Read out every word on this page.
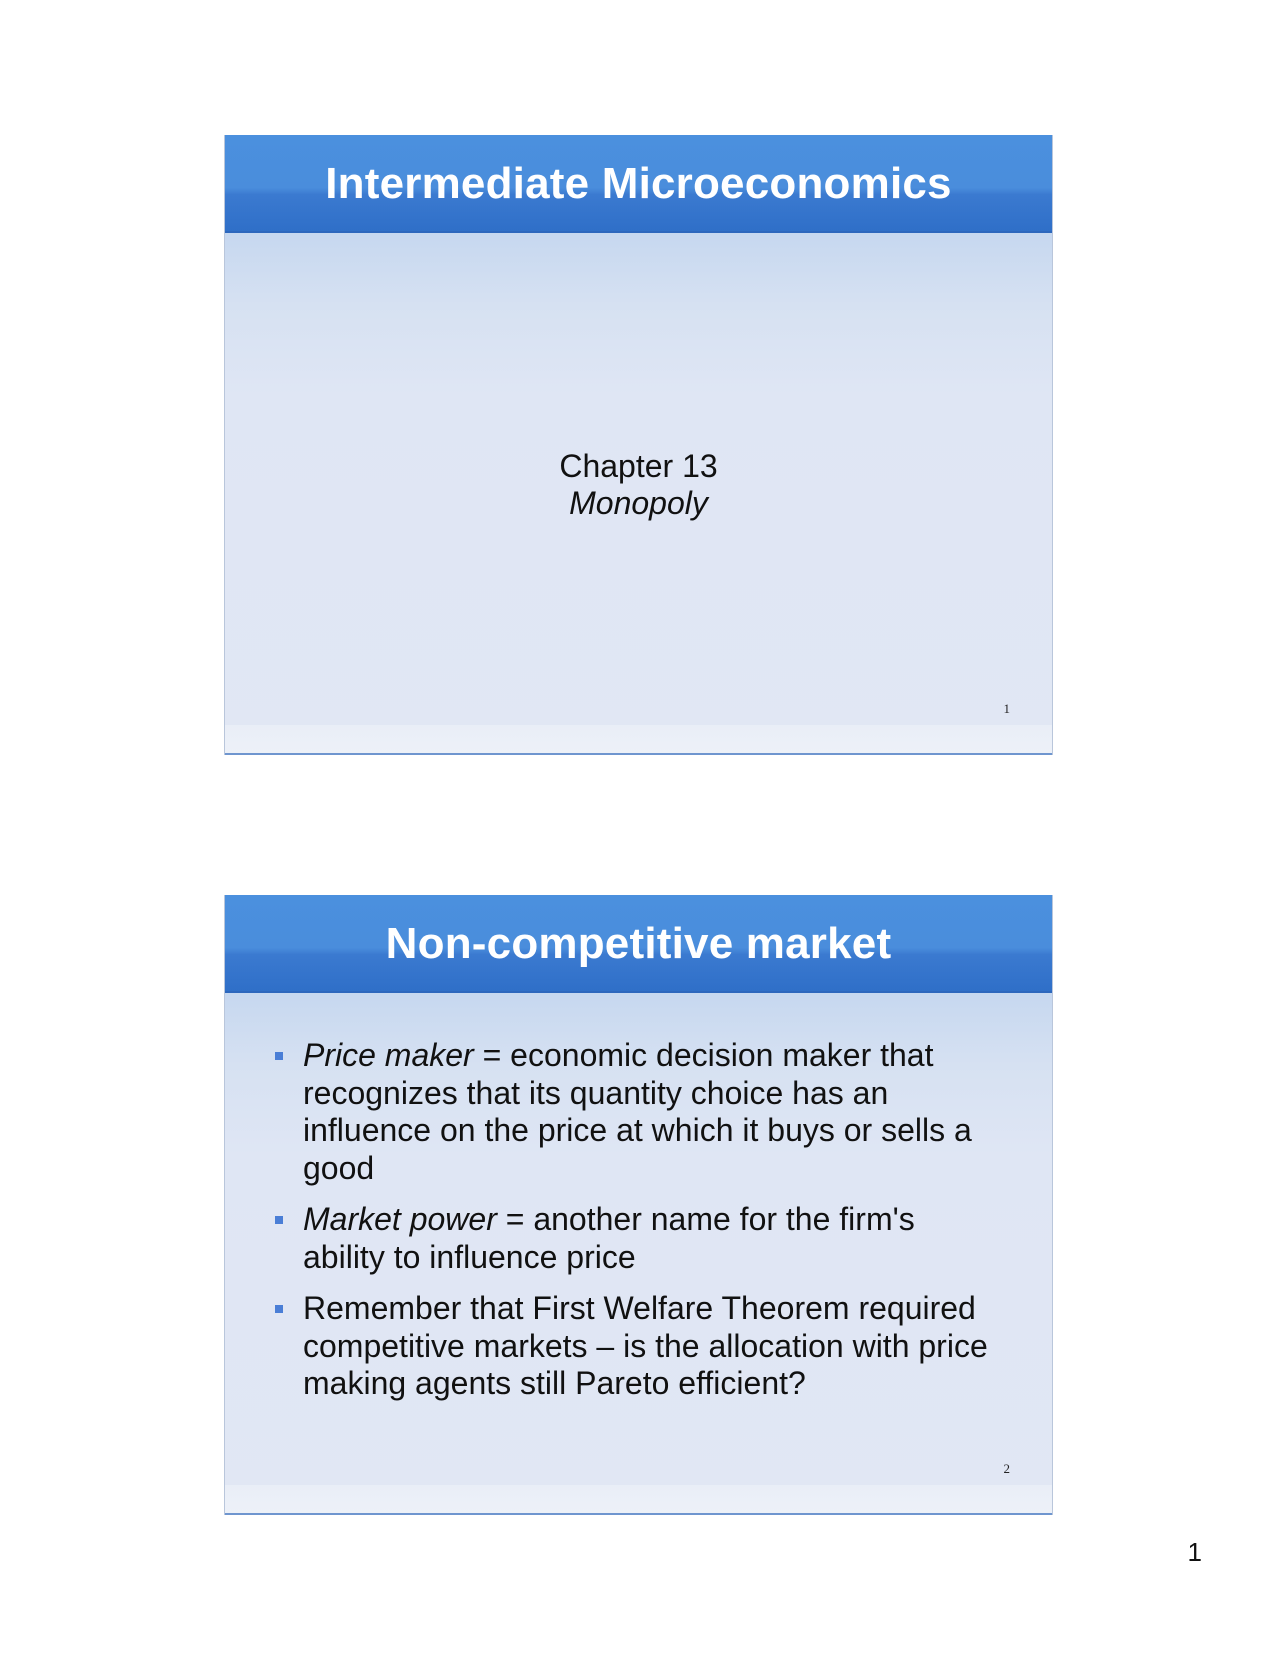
Intermediate Microeconomics
Chapter 13
Monopoly
1
Non-competitive market
Price maker = economic decision maker that recognizes that its quantity choice has an influence on the price at which it buys or sells a good
Market power = another name for the firm's ability to influence price
Remember that First Welfare Theorem required competitive markets – is the allocation with price making agents still Pareto efficient?
2
1
